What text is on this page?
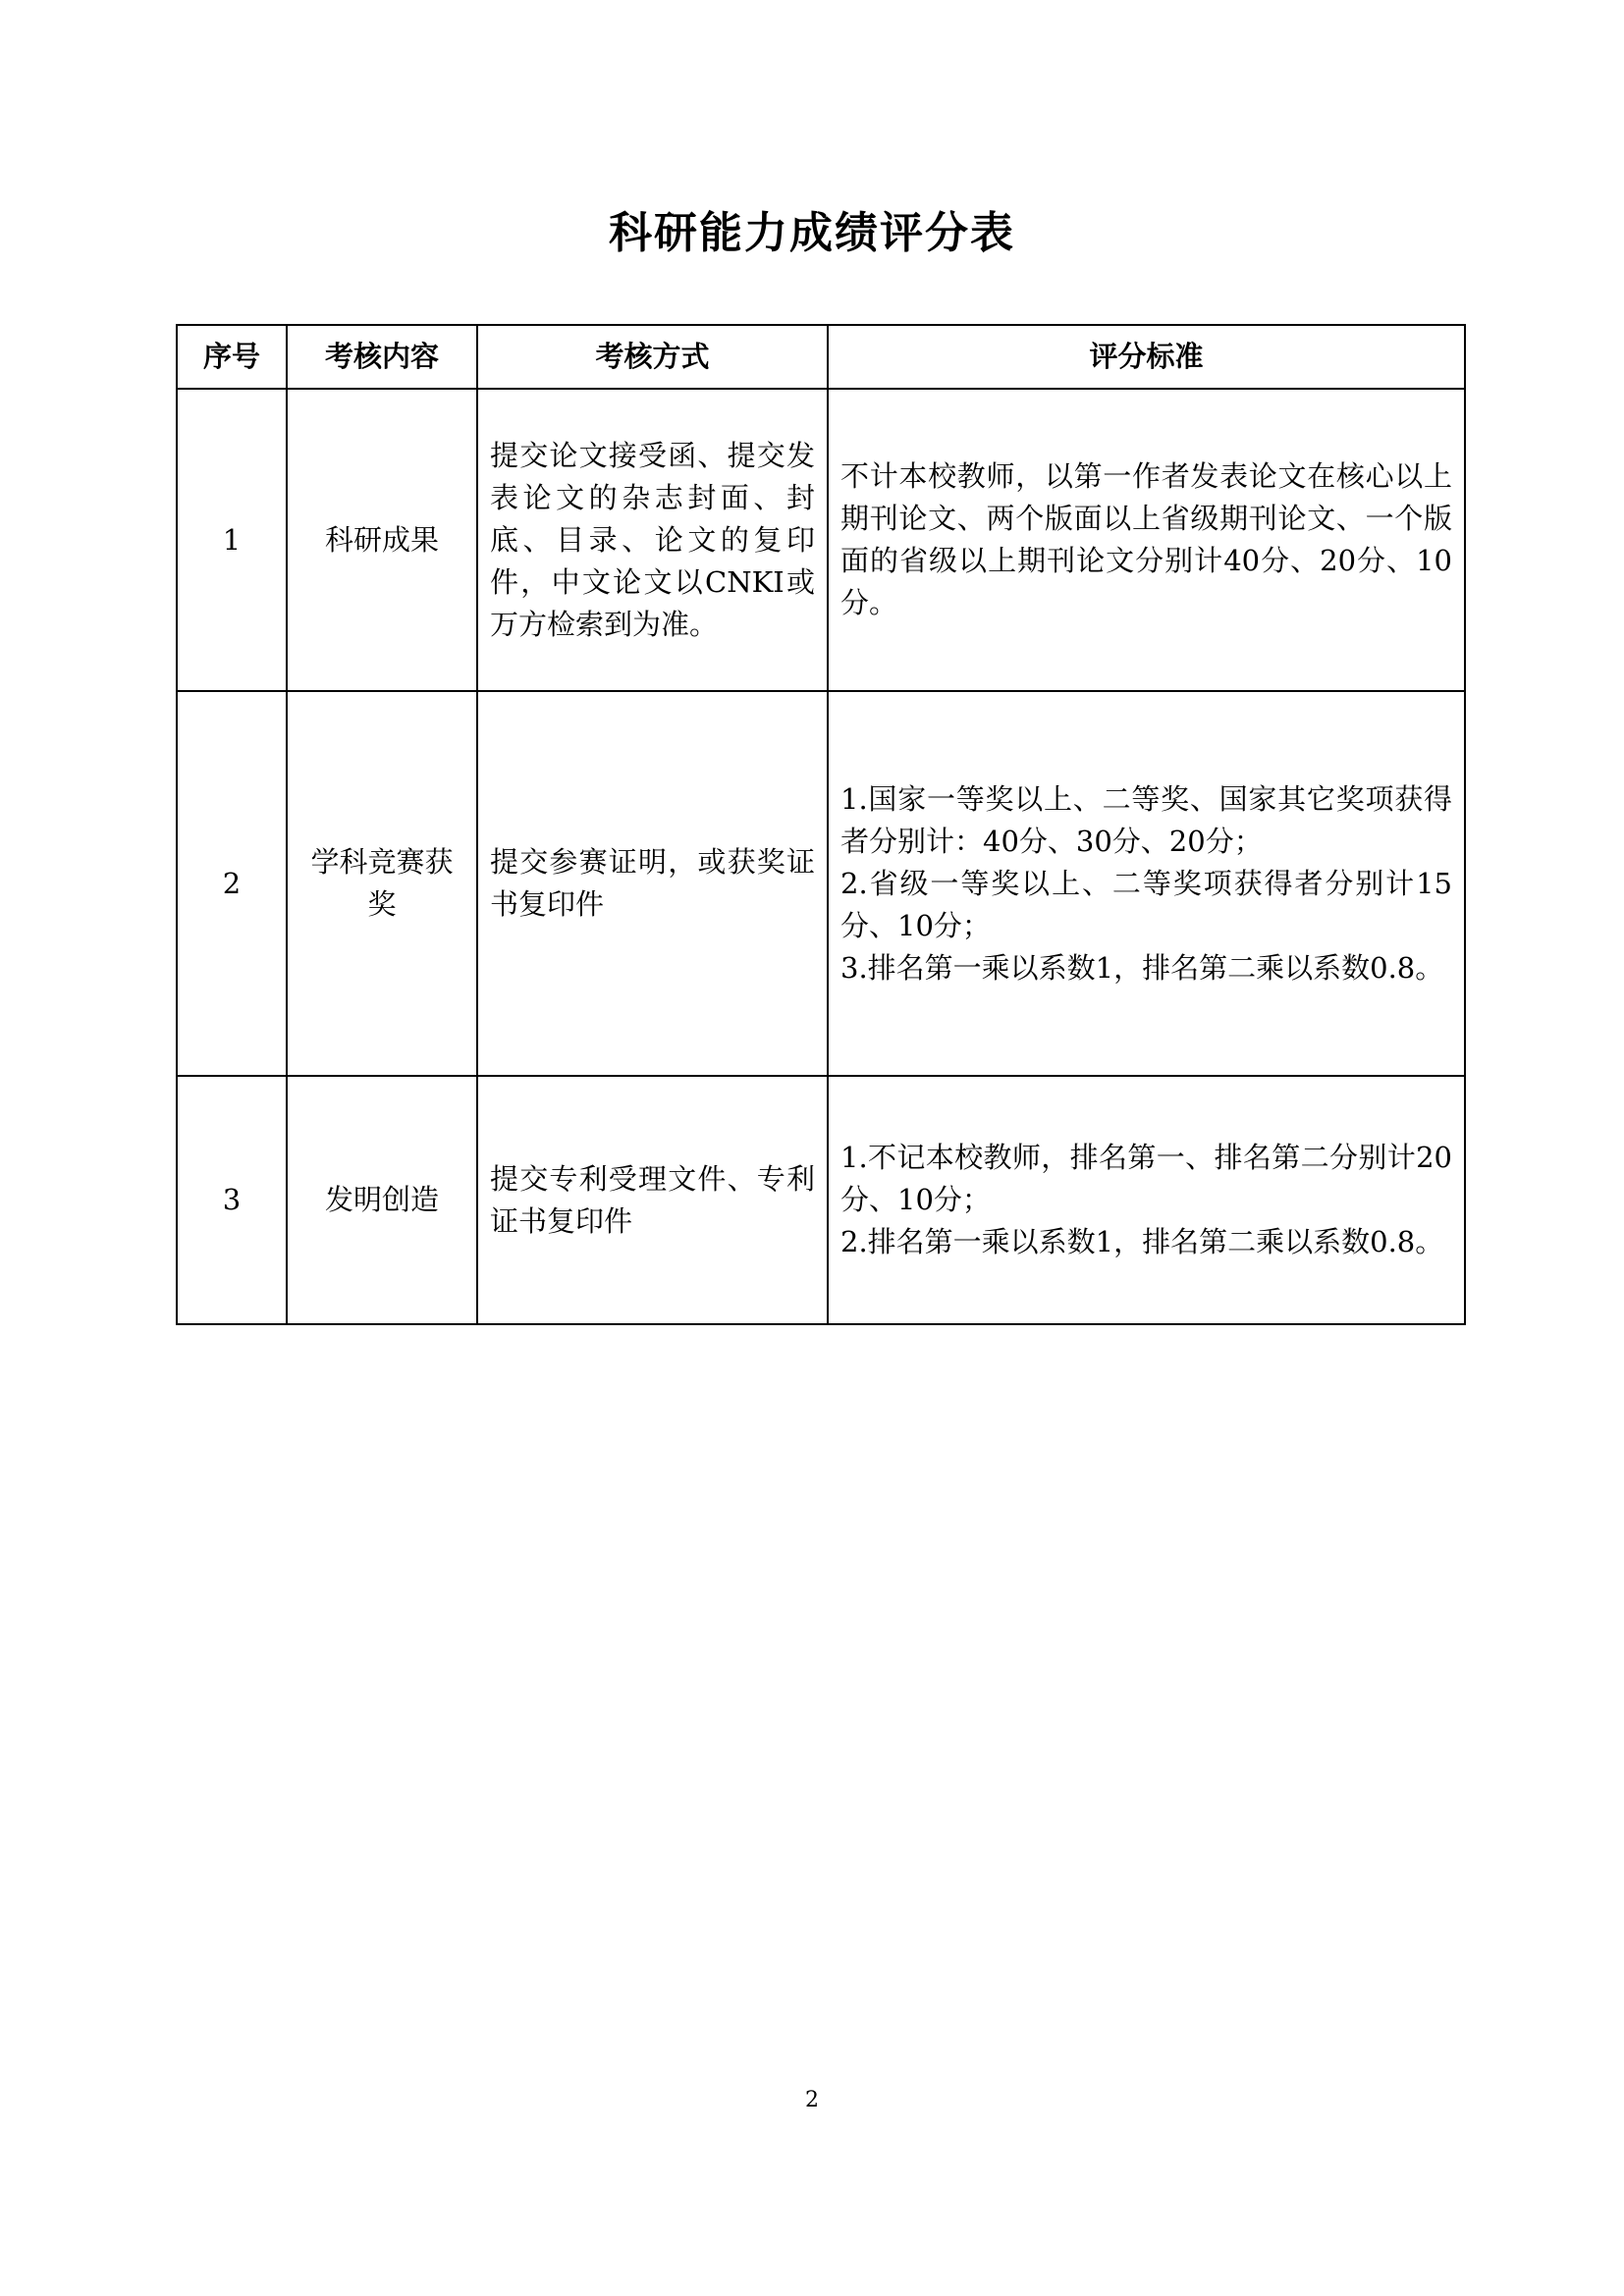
科研能力成绩评分表
序号	考核内容	考核方式	评分标准
1	科研成果	提交论文接受函、提交发表论文的杂志封面、封底、目录、论文的复印件，中文论文以CNKI或万方检索到为准。	不计本校教师，以第一作者发表论文在核心以上期刊论文、两个版面以上省级期刊论文、一个版面的省级以上期刊论文分别计40分、20分、10分。
2	学科竞赛获奖	提交参赛证明，或获奖证书复印件	1.国家一等奖以上、二等奖、国家其它奖项获得者分别计：40分、30分、20分；
2.省级一等奖以上、二等奖项获得者分别计15分、10分；
3.排名第一乘以系数1，排名第二乘以系数0.8。
3	发明创造	提交专利受理文件、专利证书复印件	1.不记本校教师，排名第一、排名第二分别计20分、10分；
2.排名第一乘以系数1，排名第二乘以系数0.8。
2
